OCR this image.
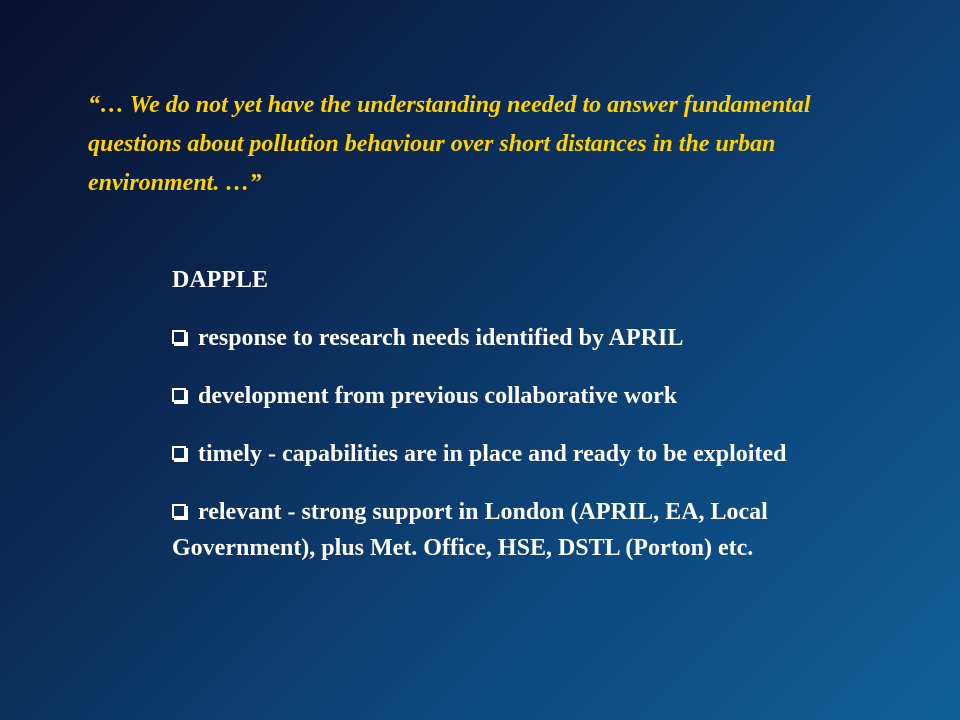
“… We do not yet have the understanding needed to answer fundamental questions about pollution behaviour over short distances in the urban environment. …”

DAPPLE
response to research needs identified by APRIL
development from previous collaborative work
timely - capabilities are in place and ready to be exploited
relevant - strong support in London (APRIL, EA, Local Government), plus Met. Office, HSE, DSTL (Porton) etc.
